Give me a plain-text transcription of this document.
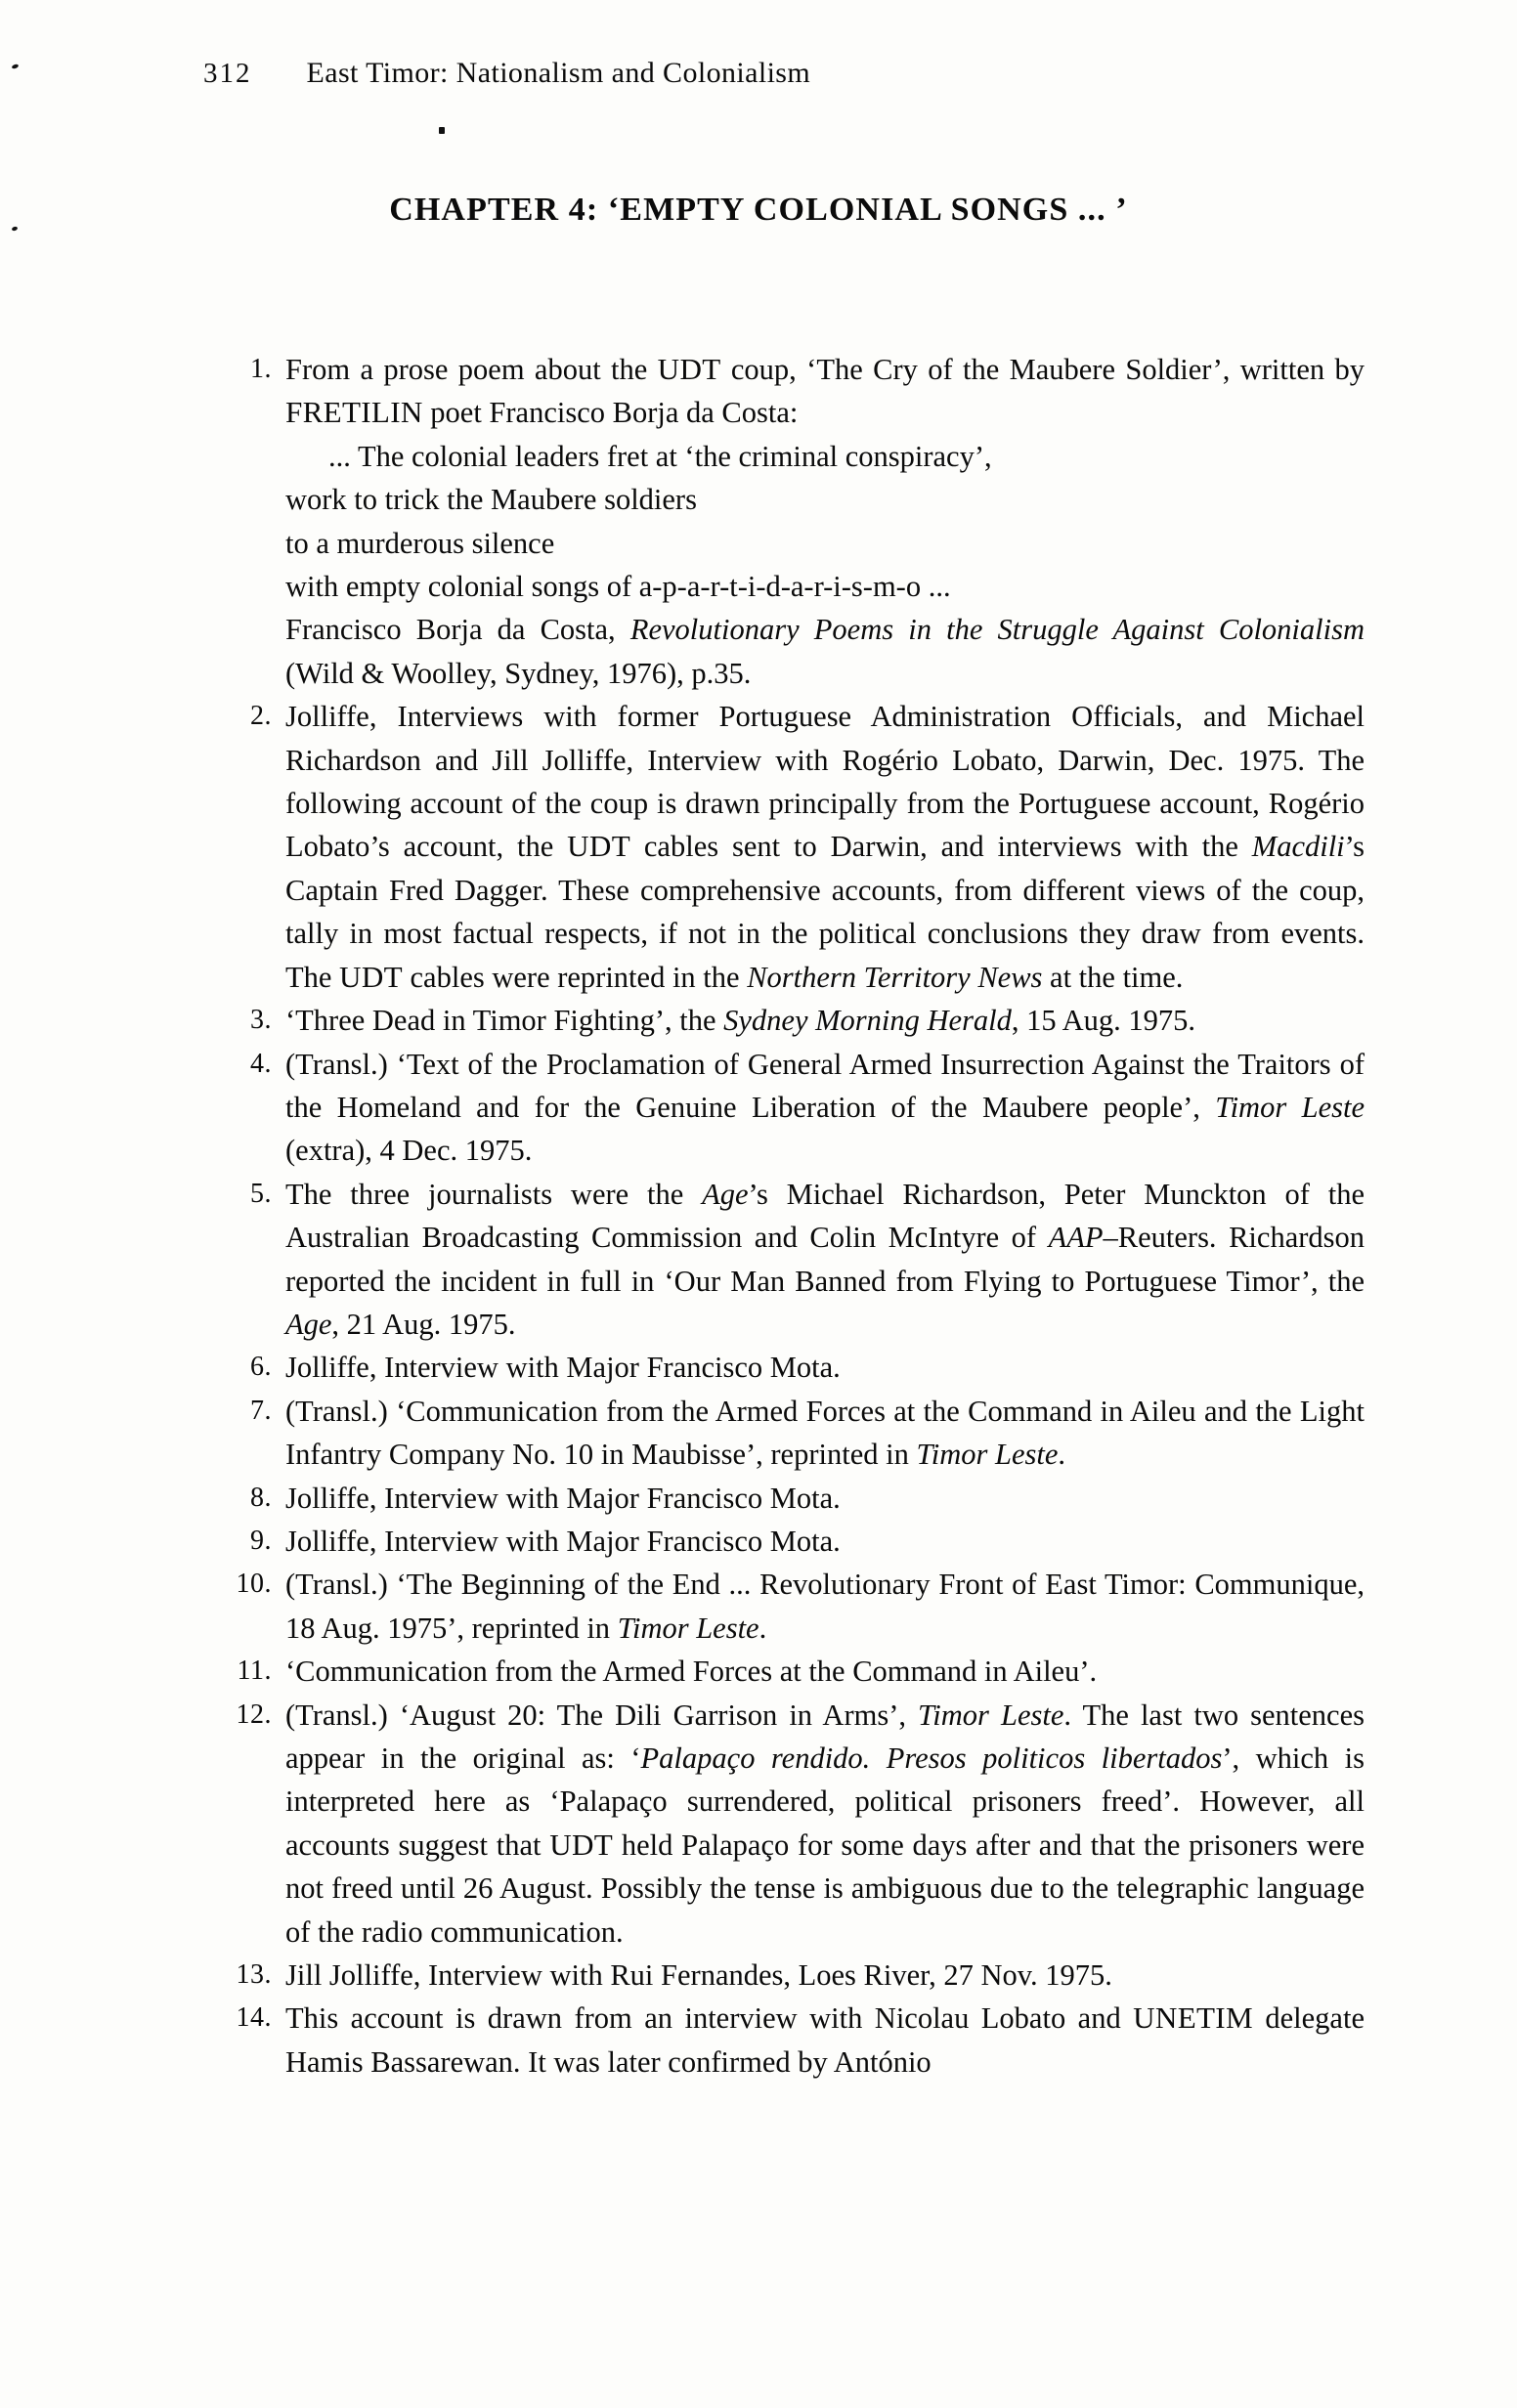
312 East Timor: Nationalism and Colonialism
CHAPTER 4: ‘EMPTY COLONIAL SONGS ... ’
1. From a prose poem about the UDT coup, ‘The Cry of the Maubere Soldier’, written by FRETILIN poet Francisco Borja da Costa:
... The colonial leaders fret at ‘the criminal conspiracy’,
work to trick the Maubere soldiers
to a murderous silence
with empty colonial songs of a-p-a-r-t-i-d-a-r-i-s-m-o ...
Francisco Borja da Costa, Revolutionary Poems in the Struggle Against Colonialism (Wild & Woolley, Sydney, 1976), p.35.
2. Jolliffe, Interviews with former Portuguese Administration Officials, and Michael Richardson and Jill Jolliffe, Interview with Rogério Lobato, Darwin, Dec. 1975. The following account of the coup is drawn principally from the Portuguese account, Rogério Lobato’s account, the UDT cables sent to Darwin, and interviews with the Macdili’s Captain Fred Dagger. These comprehensive accounts, from different views of the coup, tally in most factual respects, if not in the political conclusions they draw from events. The UDT cables were reprinted in the Northern Territory News at the time.
3. ‘Three Dead in Timor Fighting’, the Sydney Morning Herald, 15 Aug. 1975.
4. (Transl.) ‘Text of the Proclamation of General Armed Insurrection Against the Traitors of the Homeland and for the Genuine Liberation of the Maubere people’, Timor Leste (extra), 4 Dec. 1975.
5. The three journalists were the Age’s Michael Richardson, Peter Munckton of the Australian Broadcasting Commission and Colin McIntyre of AAP–Reuters. Richardson reported the incident in full in ‘Our Man Banned from Flying to Portuguese Timor’, the Age, 21 Aug. 1975.
6. Jolliffe, Interview with Major Francisco Mota.
7. (Transl.) ‘Communication from the Armed Forces at the Command in Aileu and the Light Infantry Company No. 10 in Maubisse’, reprinted in Timor Leste.
8. Jolliffe, Interview with Major Francisco Mota.
9. Jolliffe, Interview with Major Francisco Mota.
10. (Transl.) ‘The Beginning of the End ... Revolutionary Front of East Timor: Communique, 18 Aug. 1975’, reprinted in Timor Leste.
11. ‘Communication from the Armed Forces at the Command in Aileu’.
12. (Transl.) ‘August 20: The Dili Garrison in Arms’, Timor Leste. The last two sentences appear in the original as: ‘Palapaço rendido. Presos politicos libertados’, which is interpreted here as ‘Palapaço surrendered, political prisoners freed’. However, all accounts suggest that UDT held Palapaço for some days after and that the prisoners were not freed until 26 August. Possibly the tense is ambiguous due to the telegraphic language of the radio communication.
13. Jill Jolliffe, Interview with Rui Fernandes, Loes River, 27 Nov. 1975.
14. This account is drawn from an interview with Nicolau Lobato and UNETIM delegate Hamis Bassarewan. It was later confirmed by António
